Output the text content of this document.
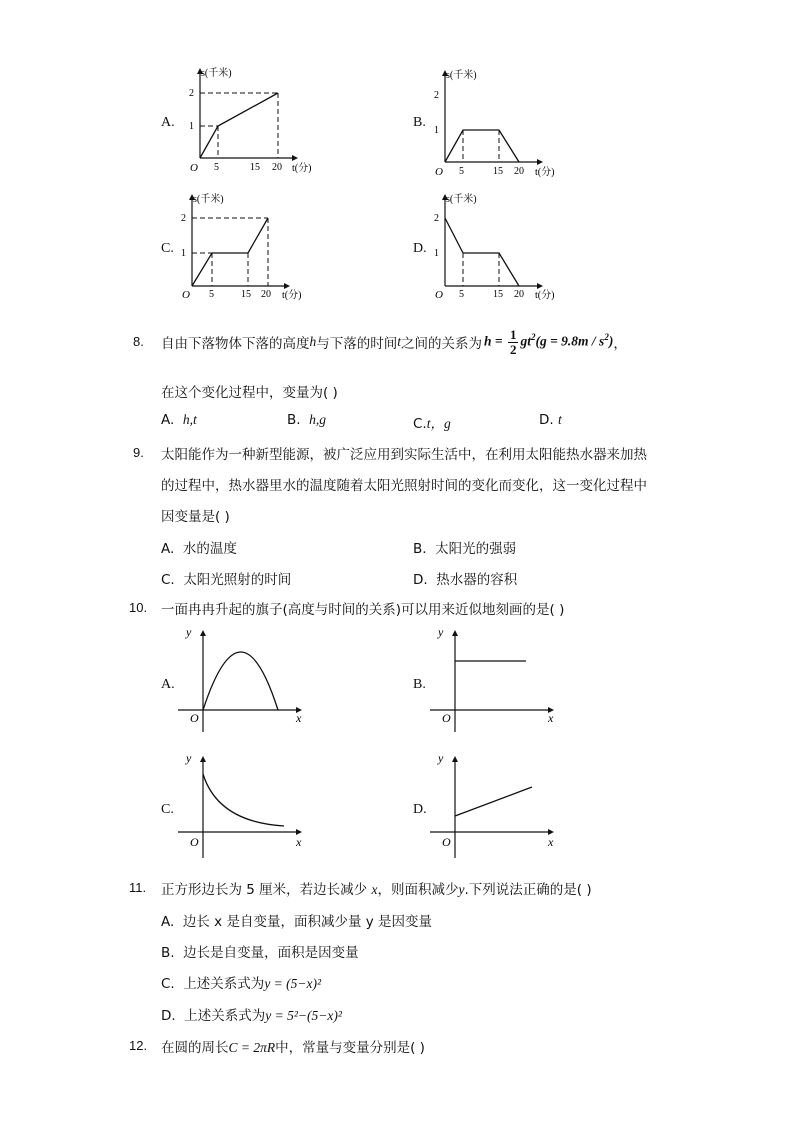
A.
s(千米)
2
1
O 5	15 20 t(分)
B.
s(千米)
2
1
O 5	15 20 t(分)
C.
s(千米)
2
1
O 5	15 20 t(分)
D.
s(千米)
2
1
O 5	15 20 t(分)
8. 自由下落物体下落的高度 h 与下落的时间 t 之间的关系为 $h = \frac{1}{2} gt^2(g = 9.8m / s^2)$ ，
在这个变化过程中，变量为( )
A. h,t	B. h,g	C.t，g	D. t
9. 太阳能作为一种新型能源，被广泛应用到实际生活中，在利用太阳能热水器来加热
的过程中，热水器里水的温度随着太阳光照射时间的变化而变化，这一变化过程中
因变量是( )
A. 水的温度	B. 太阳光的强弱
C. 太阳光照射的时间	D. 热水器的容积
10. 一面冉冉升起的旗子(高度与时间的关系)可以用来近似地刻画的是( )
A.
y
O	x
B.
y
O	x
C.
y
O	x
D.
y
O	x
11. 正方形边长为 5 厘米，若边长减少 x，则面积减少y.下列说法正确的是( )
A. 边长 x 是自变量，面积减少量 y 是因变量
B. 边长是自变量，面积是因变量
C. 上述关系式为y = (5−x)²
D. 上述关系式为y = 5²−(5−x)²
12. 在圆的周长C = 2πR中，常量与变量分别是( )
